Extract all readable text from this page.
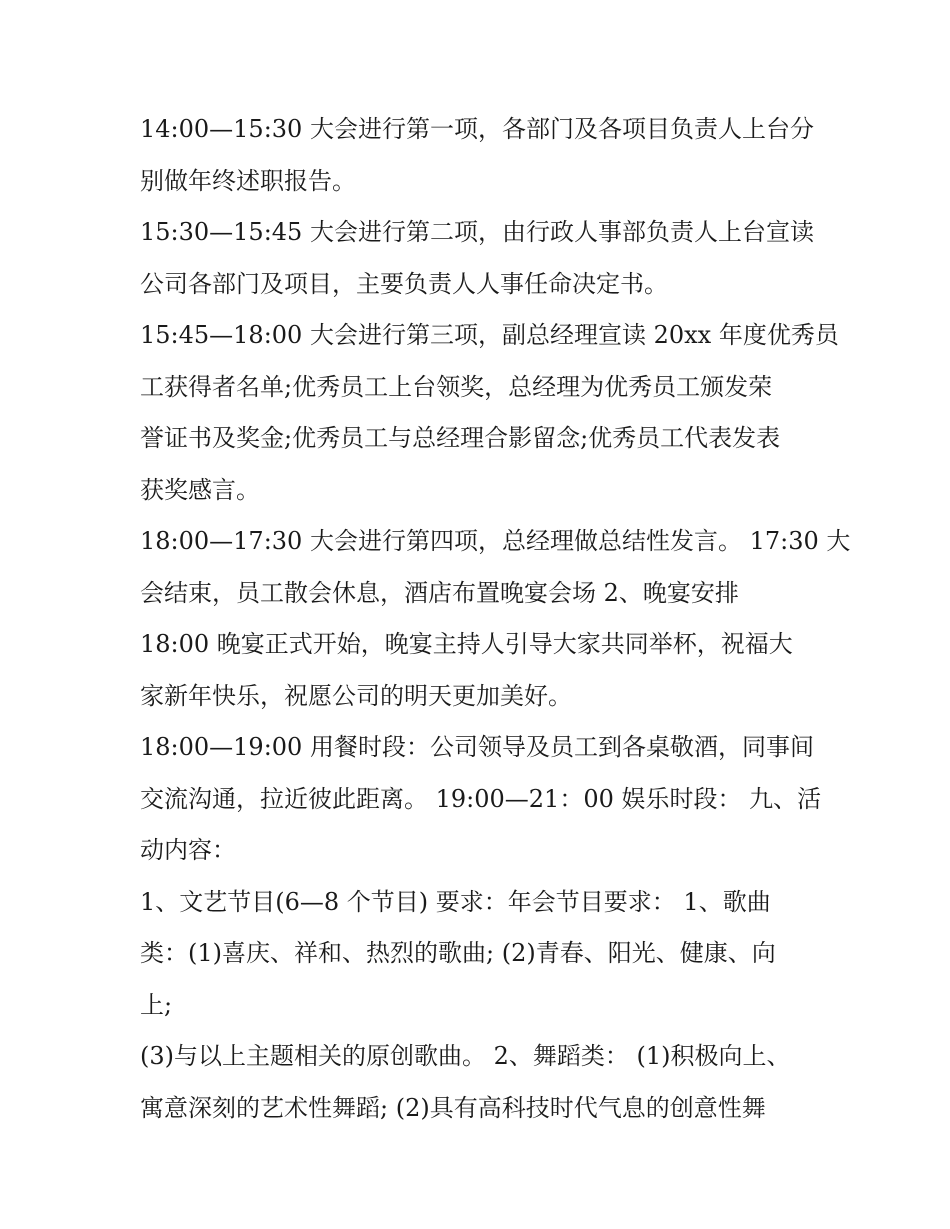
14:00—15:30 大会进行第一项，各部门及各项目负责人上台分
别做年终述职报告。
15:30—15:45 大会进行第二项，由行政人事部负责人上台宣读
公司各部门及项目，主要负责人人事任命决定书。
15:45—18:00 大会进行第三项，副总经理宣读 20xx 年度优秀员
工获得者名单;优秀员工上台领奖，总经理为优秀员工颁发荣
誉证书及奖金;优秀员工与总经理合影留念;优秀员工代表发表
获奖感言。
18:00—17:30 大会进行第四项，总经理做总结性发言。 17:30 大
会结束，员工散会休息，酒店布置晚宴会场 2、晚宴安排
18:00 晚宴正式开始，晚宴主持人引导大家共同举杯，祝福大
家新年快乐，祝愿公司的明天更加美好。
18:00—19:00 用餐时段：公司领导及员工到各桌敬酒，同事间
交流沟通，拉近彼此距离。 19:00—21：00 娱乐时段： 九、活
动内容：
1、文艺节目(6—8 个节目) 要求：年会节目要求： 1、歌曲
类：(1)喜庆、祥和、热烈的歌曲; (2)青春、阳光、健康、向
上;
(3)与以上主题相关的原创歌曲。 2、舞蹈类： (1)积极向上、
寓意深刻的艺术性舞蹈; (2)具有高科技时代气息的创意性舞
